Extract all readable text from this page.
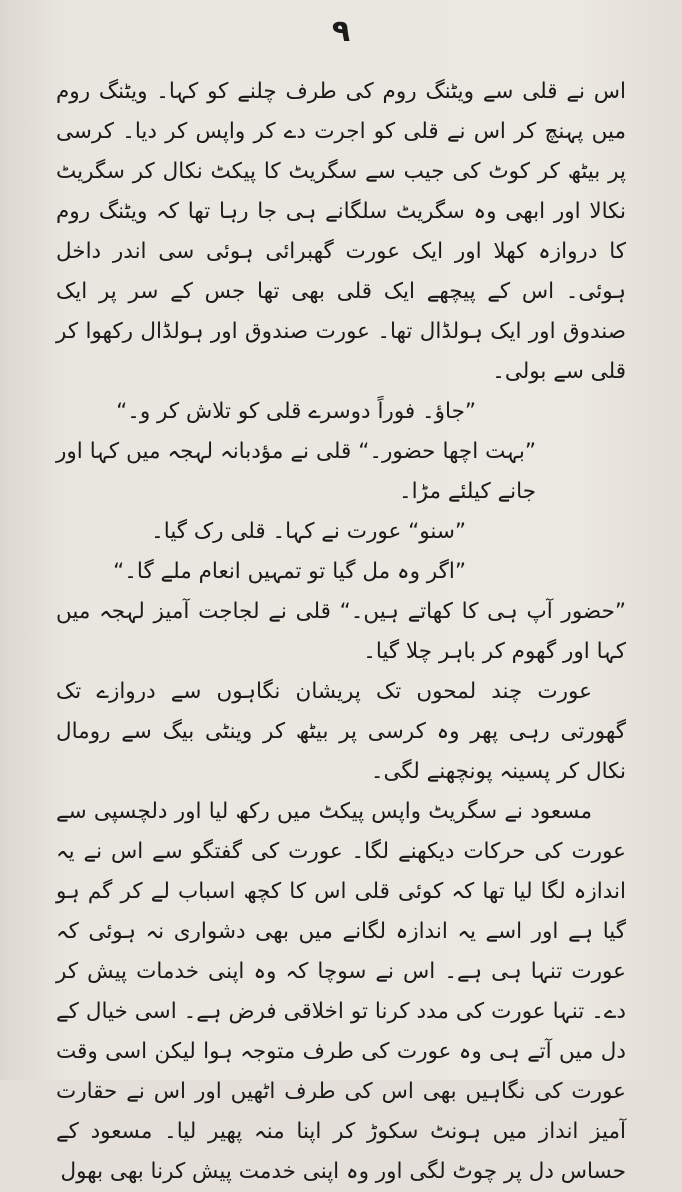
۹

اس نے قلی سے ویٹنگ روم کی طرف چلنے کو کہا۔ ویٹنگ روم میں پہنچ کر اس نے قلی کو اجرت دے کر واپس کر دیا۔ کرسی پر بیٹھ کر کوٹ کی جیب سے سگریٹ کا پیکٹ نکال کر سگریٹ نکالا اور ابھی وہ سگریٹ سلگانے ہی جا رہا تھا کہ ویٹنگ روم کا دروازہ کھلا اور ایک عورت گھبرائی ہوئی سی اندر داخل ہوئی۔ اس کے پیچھے ایک قلی بھی تھا جس کے سر پر ایک صندوق اور ایک ہولڈال تھا۔ عورت صندوق اور ہولڈال رکھوا کر قلی سے بولی۔

”جاؤ۔ فوراً دوسرے قلی کو تلاش کر و۔“

”بہت اچھا حضور۔“ قلی نے مؤدبانہ لہجہ میں کہا اور جانے کیلئے مڑا۔

”سنو“ عورت نے کہا۔ قلی رک گیا۔

”اگر وہ مل گیا تو تمہیں انعام ملے گا۔“

”حضور آپ ہی کا کھاتے ہیں۔“ قلی نے لجاجت آمیز لہجہ میں کہا اور گھوم کر باہر چلا گیا۔

عورت چند لمحوں تک پریشان نگاہوں سے دروازے تک گھورتی رہی پھر وہ کرسی پر بیٹھ کر وینٹی بیگ سے رومال نکال کر پسینہ پونچھنے لگی۔

مسعود نے سگریٹ واپس پیکٹ میں رکھ لیا اور دلچسپی سے عورت کی حرکات دیکھنے لگا۔ عورت کی گفتگو سے اس نے یہ اندازہ لگا لیا تھا کہ کوئی قلی اس کا کچھ اسباب لے کر گم ہو گیا ہے اور اسے یہ اندازہ لگانے میں بھی دشواری نہ ہوئی کہ عورت تنہا ہی ہے۔ اس نے سوچا کہ وہ اپنی خدمات پیش کر دے۔ تنہا عورت کی مدد کرنا تو اخلاقی فرض ہے۔ اسی خیال کے دل میں آتے ہی وہ عورت کی طرف متوجہ ہوا لیکن اسی وقت عورت کی نگاہیں بھی اس کی طرف اٹھیں اور اس نے حقارت آمیز انداز میں ہونٹ سکوڑ کر اپنا منہ پھیر لیا۔ مسعود کے حساس دل پر چوٹ لگی اور وہ اپنی خدمت پیش کرنا بھی بھول
